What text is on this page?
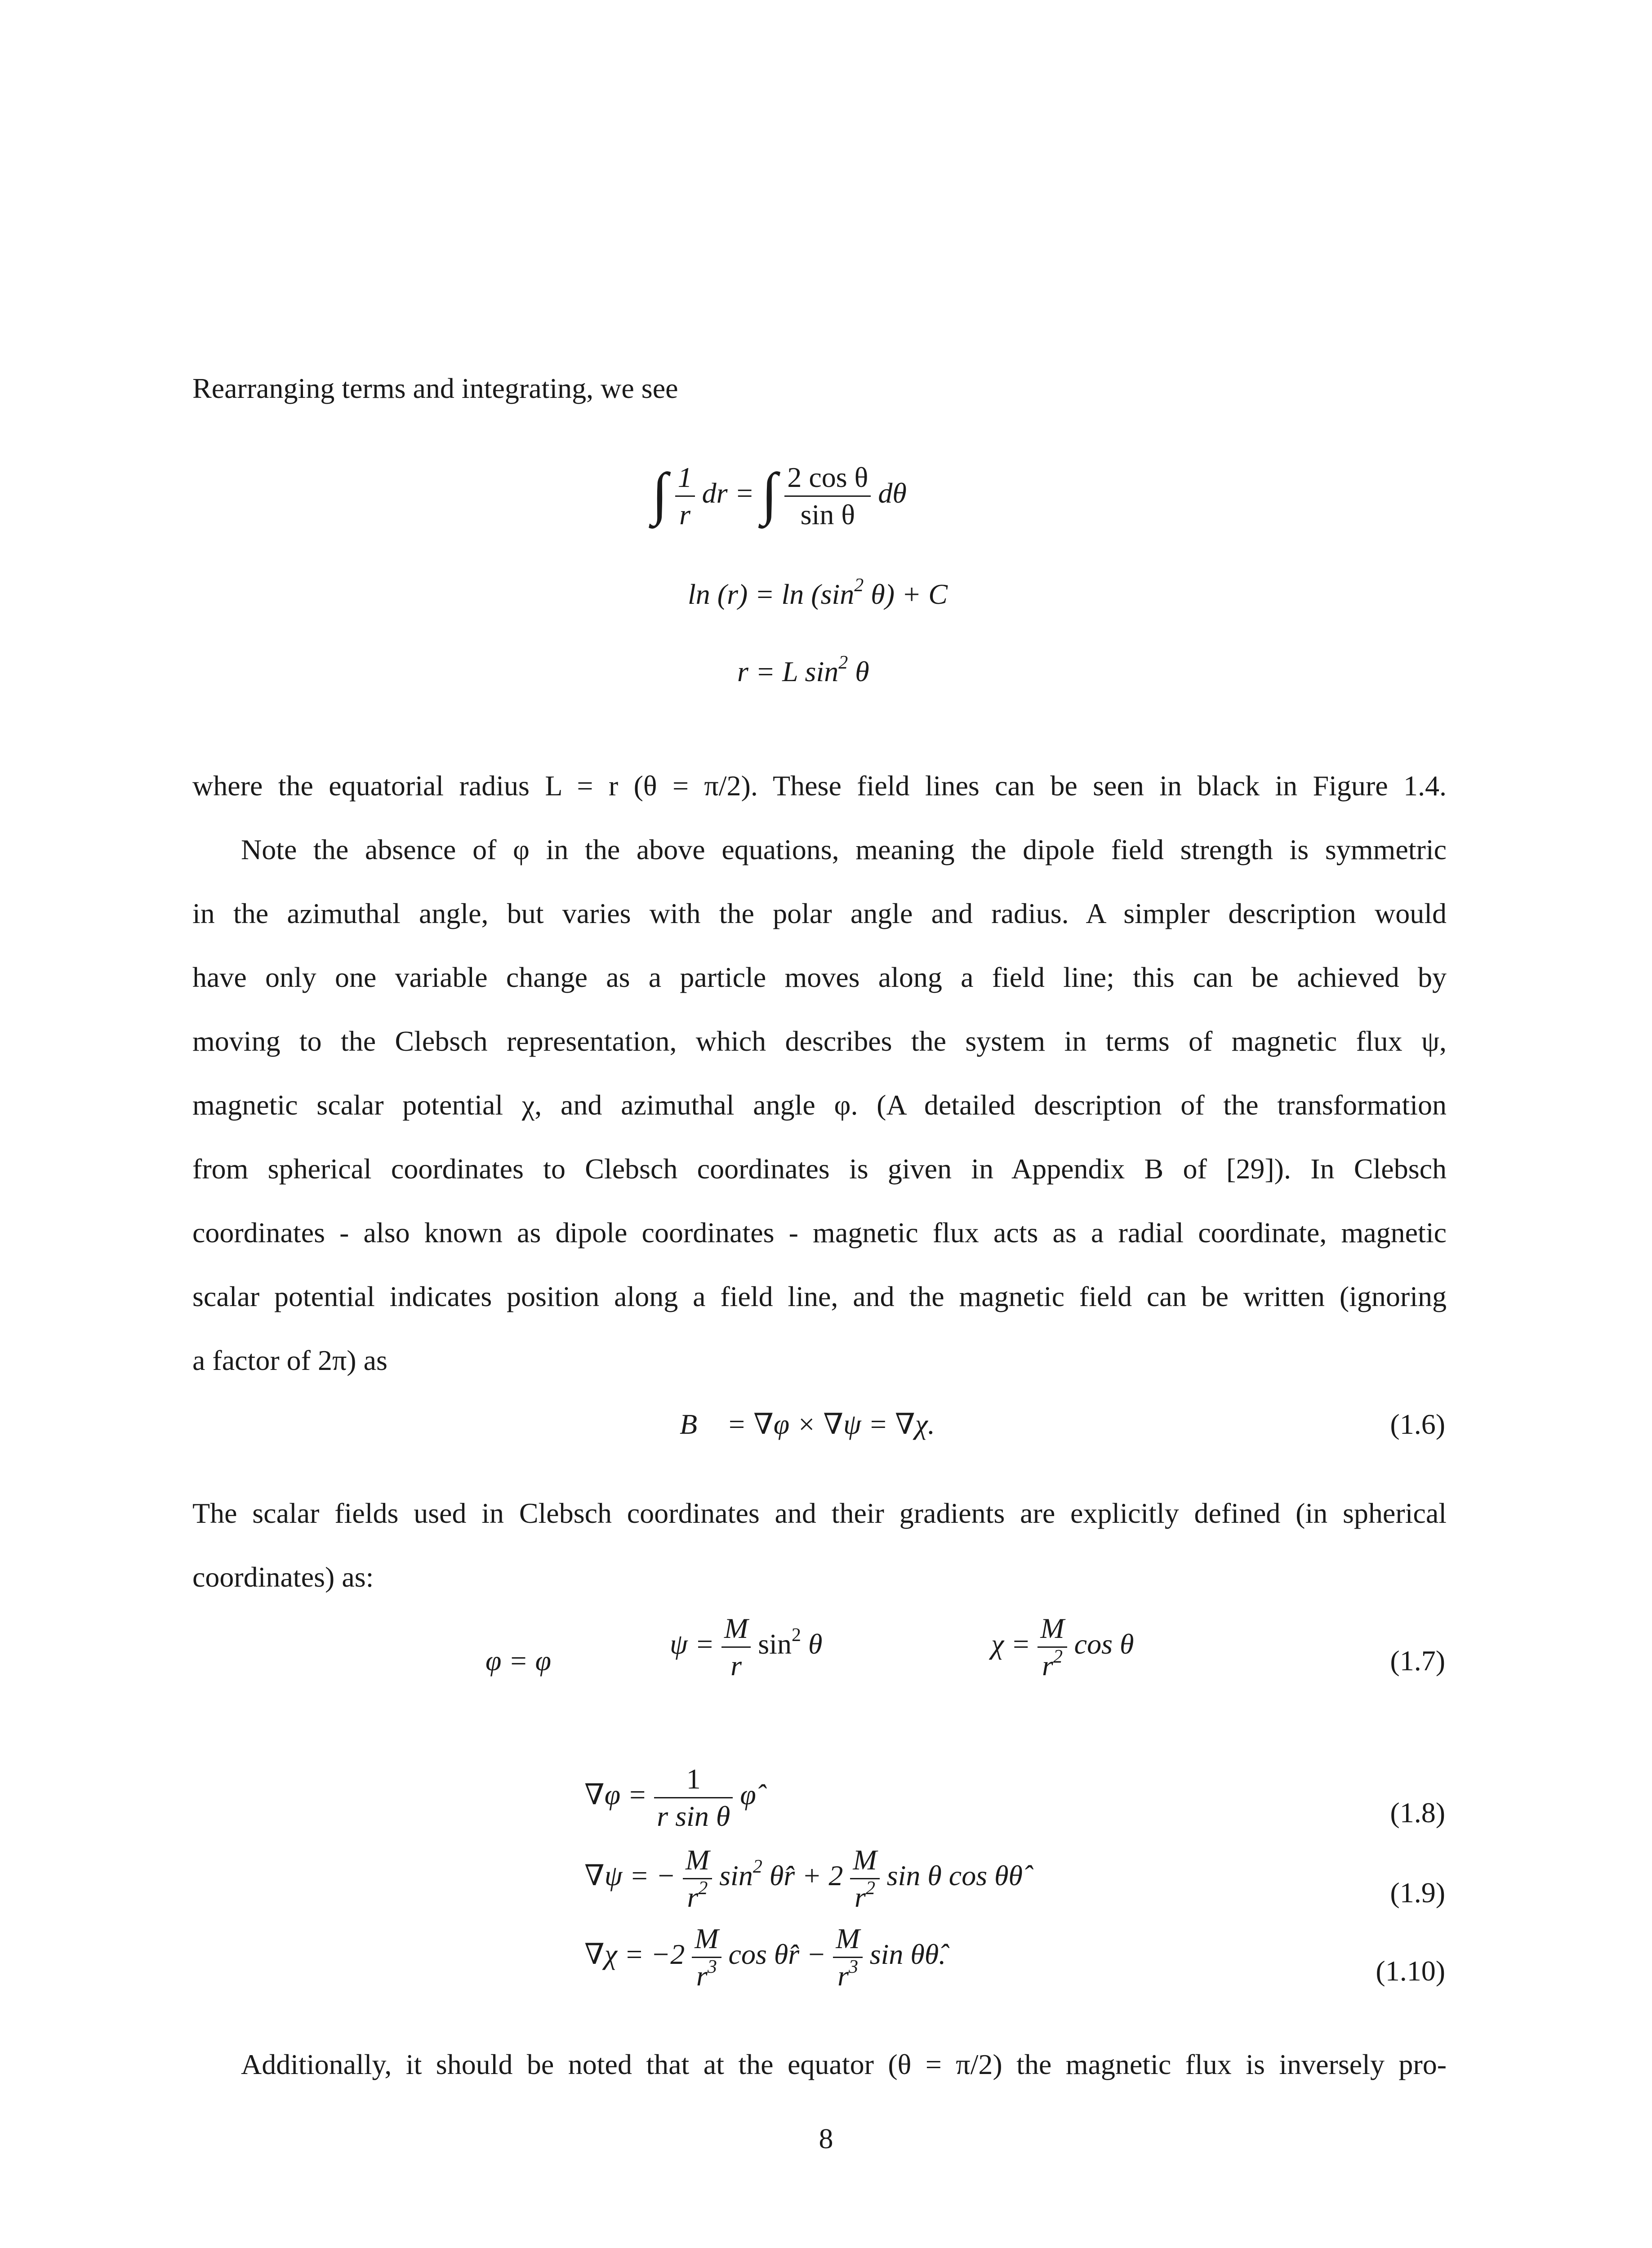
Rearranging terms and integrating, we see
∫ $\frac{1}{r}$ dr = ∫ $\frac{\text{2 cos θ}}{\text{sin θ}}$ dθ
$\ln (r) = \ln (\sin^2$ θ) + C
r = L $\sin^2 \theta$
where the equatorial radius L = r (θ = π/2). These field lines can be seen in black in Figure 1.4.
Note the absence of φ in the above equations, meaning the dipole field strength is symmetric
in the azimuthal angle, but varies with the polar angle and radius. A simpler description would
have only one variable change as a particle moves along a field line; this can be achieved by
moving to the Clebsch representation, which describes the system in terms of magnetic flux ψ,
magnetic scalar potential χ, and azimuthal angle φ. (A detailed description of the transformation
from spherical coordinates to Clebsch coordinates is given in Appendix B of [29]). In Clebsch
coordinates - also known as dipole coordinates - magnetic flux acts as a radial coordinate, magnetic
scalar potential indicates position along a field line, and the magnetic field can be written (ignoring
a factor of 2π) as
B⃗ = ∇φ × ∇ψ = ∇χ.	(1.6)
The scalar fields used in Clebsch coordinates and their gradients are explicitly defined (in spherical
coordinates) as:
φ = φ
$\psi = \frac{M}{r} \sin^2 \theta$	$\chi = \frac{M}{r^2}$ cos θ
(1.7)
$\nabla\varphi = \frac{1}{\text{r sin θ}}$ φ̂
(1.8)
∇ψ = − $\frac{M}{r^2} \sin^2$ θr̂ + $2 \frac{M}{r^2}$ sin θ cos θθ̂
(1.9)
$\nabla\chi = -2 \frac{M}{r^3}$ cos θr̂ − $\frac{M}{r^3}$ sin θθ̂.
(1.10)
Additionally, it should be noted that at the equator (θ = π/2) the magnetic flux is inversely pro-
8
